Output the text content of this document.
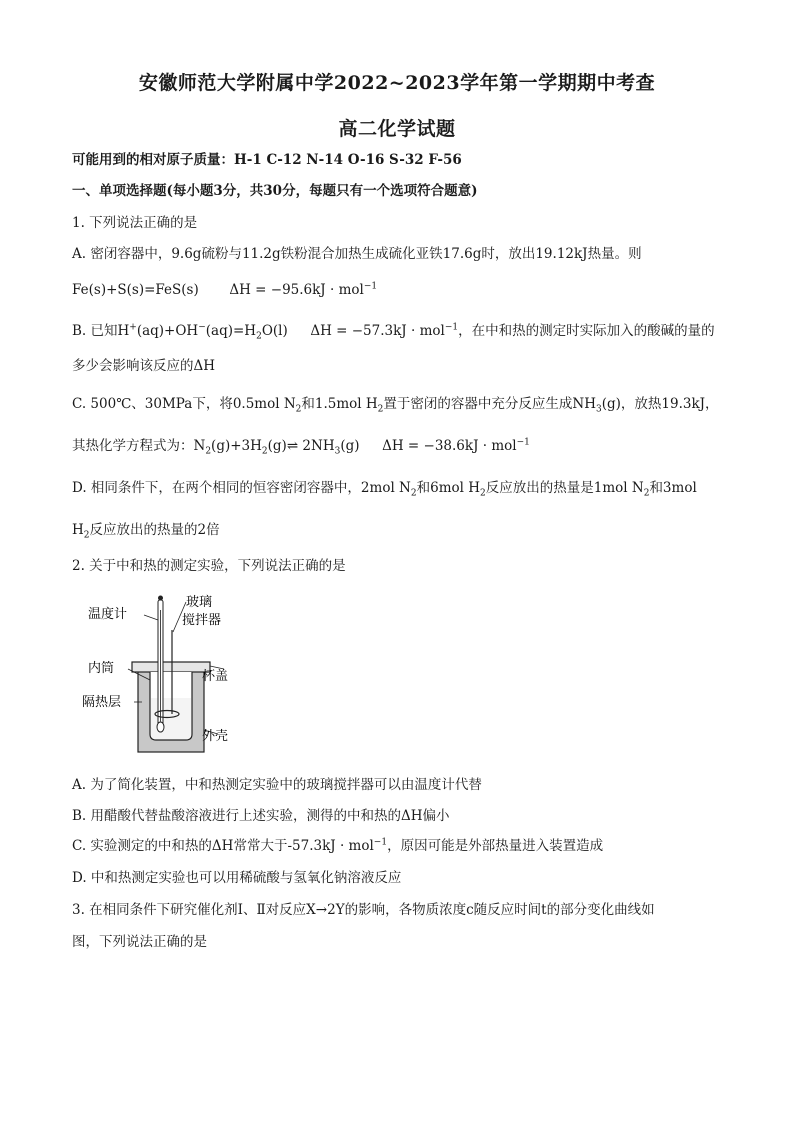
安徽师范大学附属中学2022~2023学年第一学期期中考查
高二化学试题
可能用到的相对原子质量：H-1 C-12 N-14 O-16 S-32 F-56
一、单项选择题(每小题3分，共30分，每题只有一个选项符合题意)
1. 下列说法正确的是
A. 密闭容器中，9.6g硫粉与11.2g铁粉混合加热生成硫化亚铁17.6g时，放出19.12kJ热量。则
Fe(s)+S(s)=FeS(s) ΔH = −95.6kJ · mol$^{-1}$
B. 已知$H^+(aq)+OH^-(aq)=H_2O(l) \Delta H = -57.3kJ \cdot mol^{-1}$，在中和热的测定时实际加入的酸碱的量的
多少会影响该反应的ΔH
C. 500℃、30MPa下，将0.5mol $N_2$和1.5mol $H_2$置于密闭的容器中充分反应生成$NH_3(g)$，放热19.3kJ，
其热化学方程式为：$N_2(g)+3H_2(g)\rightleftharpoons$ $2NH_3(g) \Delta H = -38.6kJ \cdot mol^{-1}$
D. 相同条件下，在两个相同的恒容密闭容器中，2mol $N_2$和6mol $H_2$反应放出的热量是1mol $N_2$和3mol
$H_2$反应放出的热量的2倍
2. 关于中和热的测定实验，下列说法正确的是
温度计
玻璃
搅拌器
内筒
杯盖
隔热层
外壳
A. 为了简化装置，中和热测定实验中的玻璃搅拌器可以由温度计代替
B. 用醋酸代替盐酸溶液进行上述实验，测得的中和热的ΔH偏小
C. 实验测定的中和热的ΔH常常大于-57.3kJ · mol$^{-1}$，原因可能是外部热量进入装置造成
D. 中和热测定实验也可以用稀硫酸与氢氧化钠溶液反应
3. 在相同条件下研究催化剂Ⅰ、Ⅱ对反应X→2Y的影响，各物质浓度c随反应时间t的部分变化曲线如
图，下列说法正确的是
